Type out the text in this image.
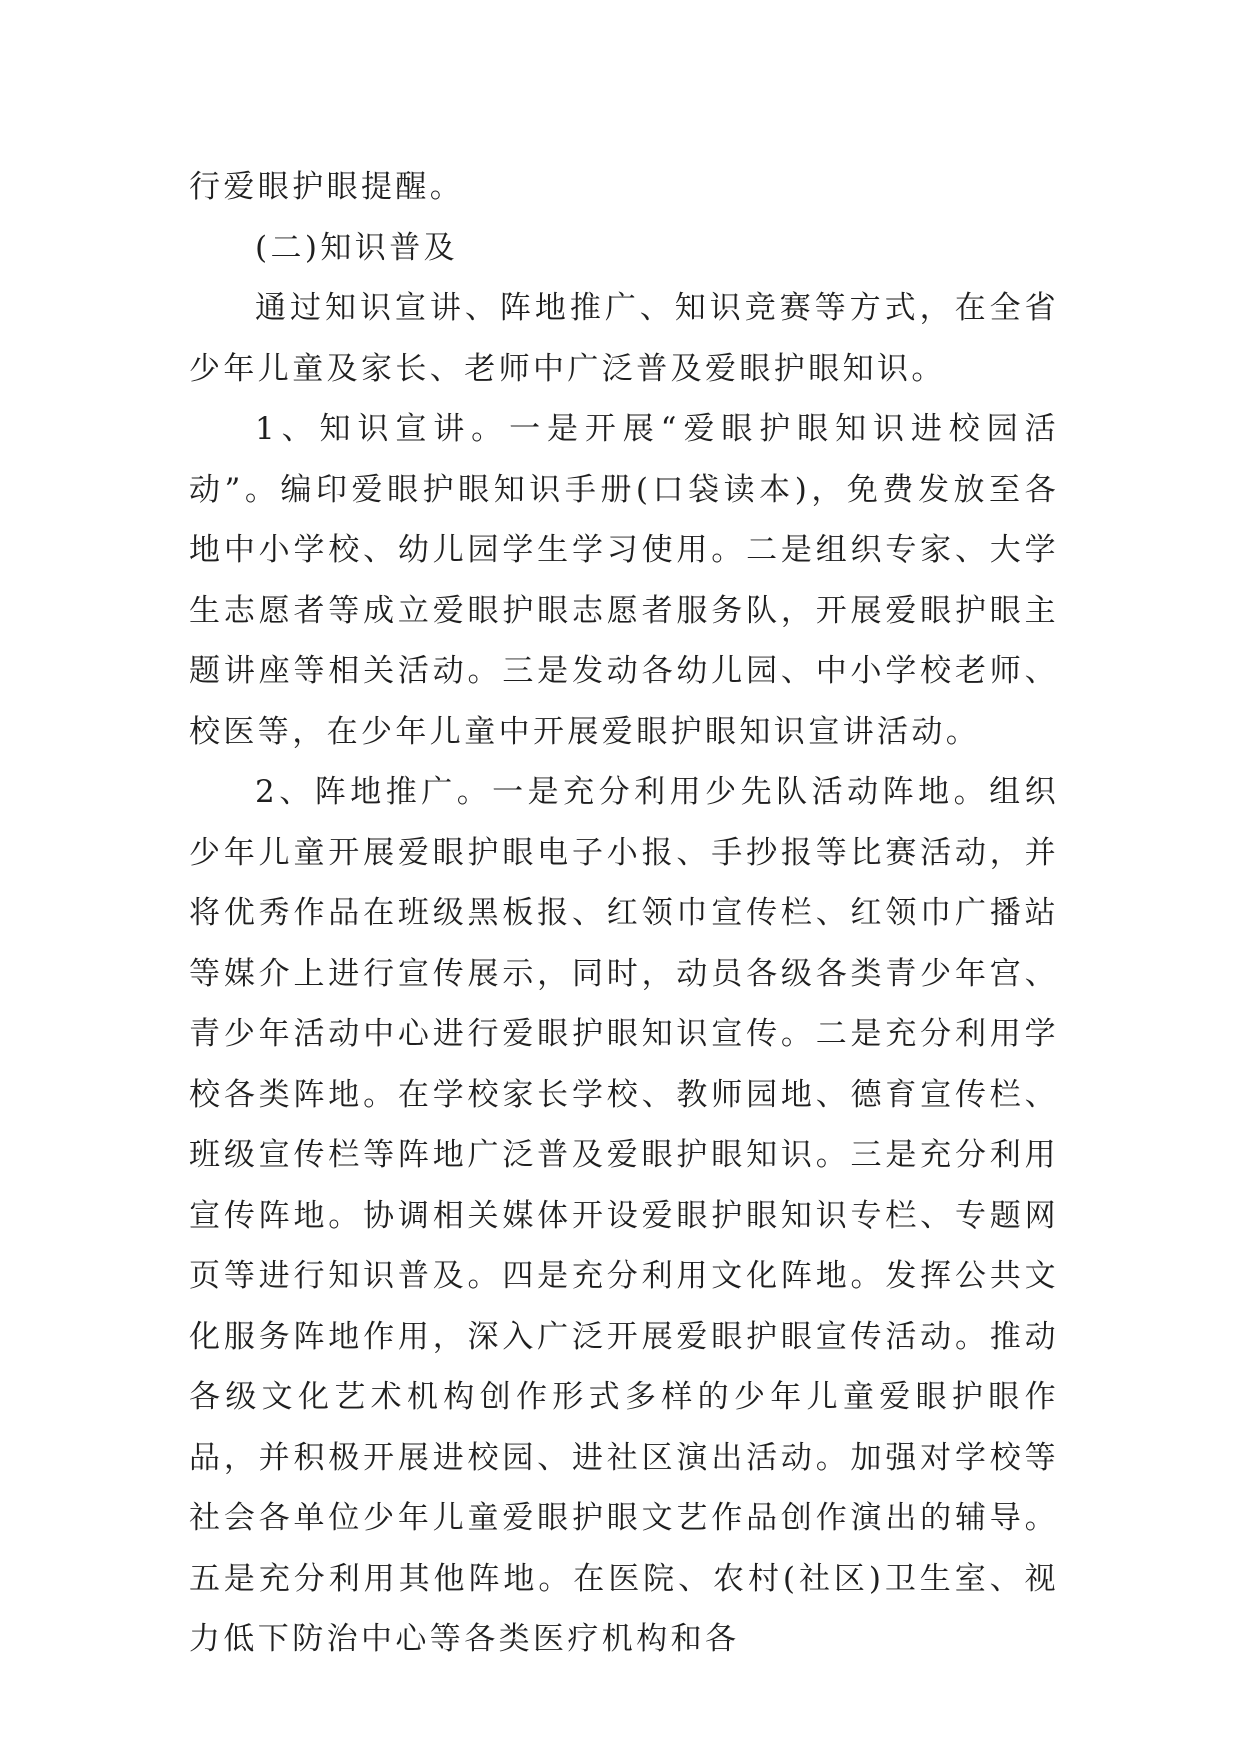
行爱眼护眼提醒。

(二)知识普及

通过知识宣讲、阵地推广、知识竞赛等方式，在全省少年儿童及家长、老师中广泛普及爱眼护眼知识。

1、知识宣讲。一是开展“爱眼护眼知识进校园活动”。编印爱眼护眼知识手册(口袋读本)，免费发放至各地中小学校、幼儿园学生学习使用。二是组织专家、大学生志愿者等成立爱眼护眼志愿者服务队，开展爱眼护眼主题讲座等相关活动。三是发动各幼儿园、中小学校老师、校医等，在少年儿童中开展爱眼护眼知识宣讲活动。

2、阵地推广。一是充分利用少先队活动阵地。组织少年儿童开展爱眼护眼电子小报、手抄报等比赛活动，并将优秀作品在班级黑板报、红领巾宣传栏、红领巾广播站等媒介上进行宣传展示，同时，动员各级各类青少年宫、青少年活动中心进行爱眼护眼知识宣传。二是充分利用学校各类阵地。在学校家长学校、教师园地、德育宣传栏、班级宣传栏等阵地广泛普及爱眼护眼知识。三是充分利用宣传阵地。协调相关媒体开设爱眼护眼知识专栏、专题网页等进行知识普及。四是充分利用文化阵地。发挥公共文化服务阵地作用，深入广泛开展爱眼护眼宣传活动。推动各级文化艺术机构创作形式多样的少年儿童爱眼护眼作品，并积极开展进校园、进社区演出活动。加强对学校等社会各单位少年儿童爱眼护眼文艺作品创作演出的辅导。五是充分利用其他阵地。在医院、农村(社区)卫生室、视力低下防治中心等各类医疗机构和各
